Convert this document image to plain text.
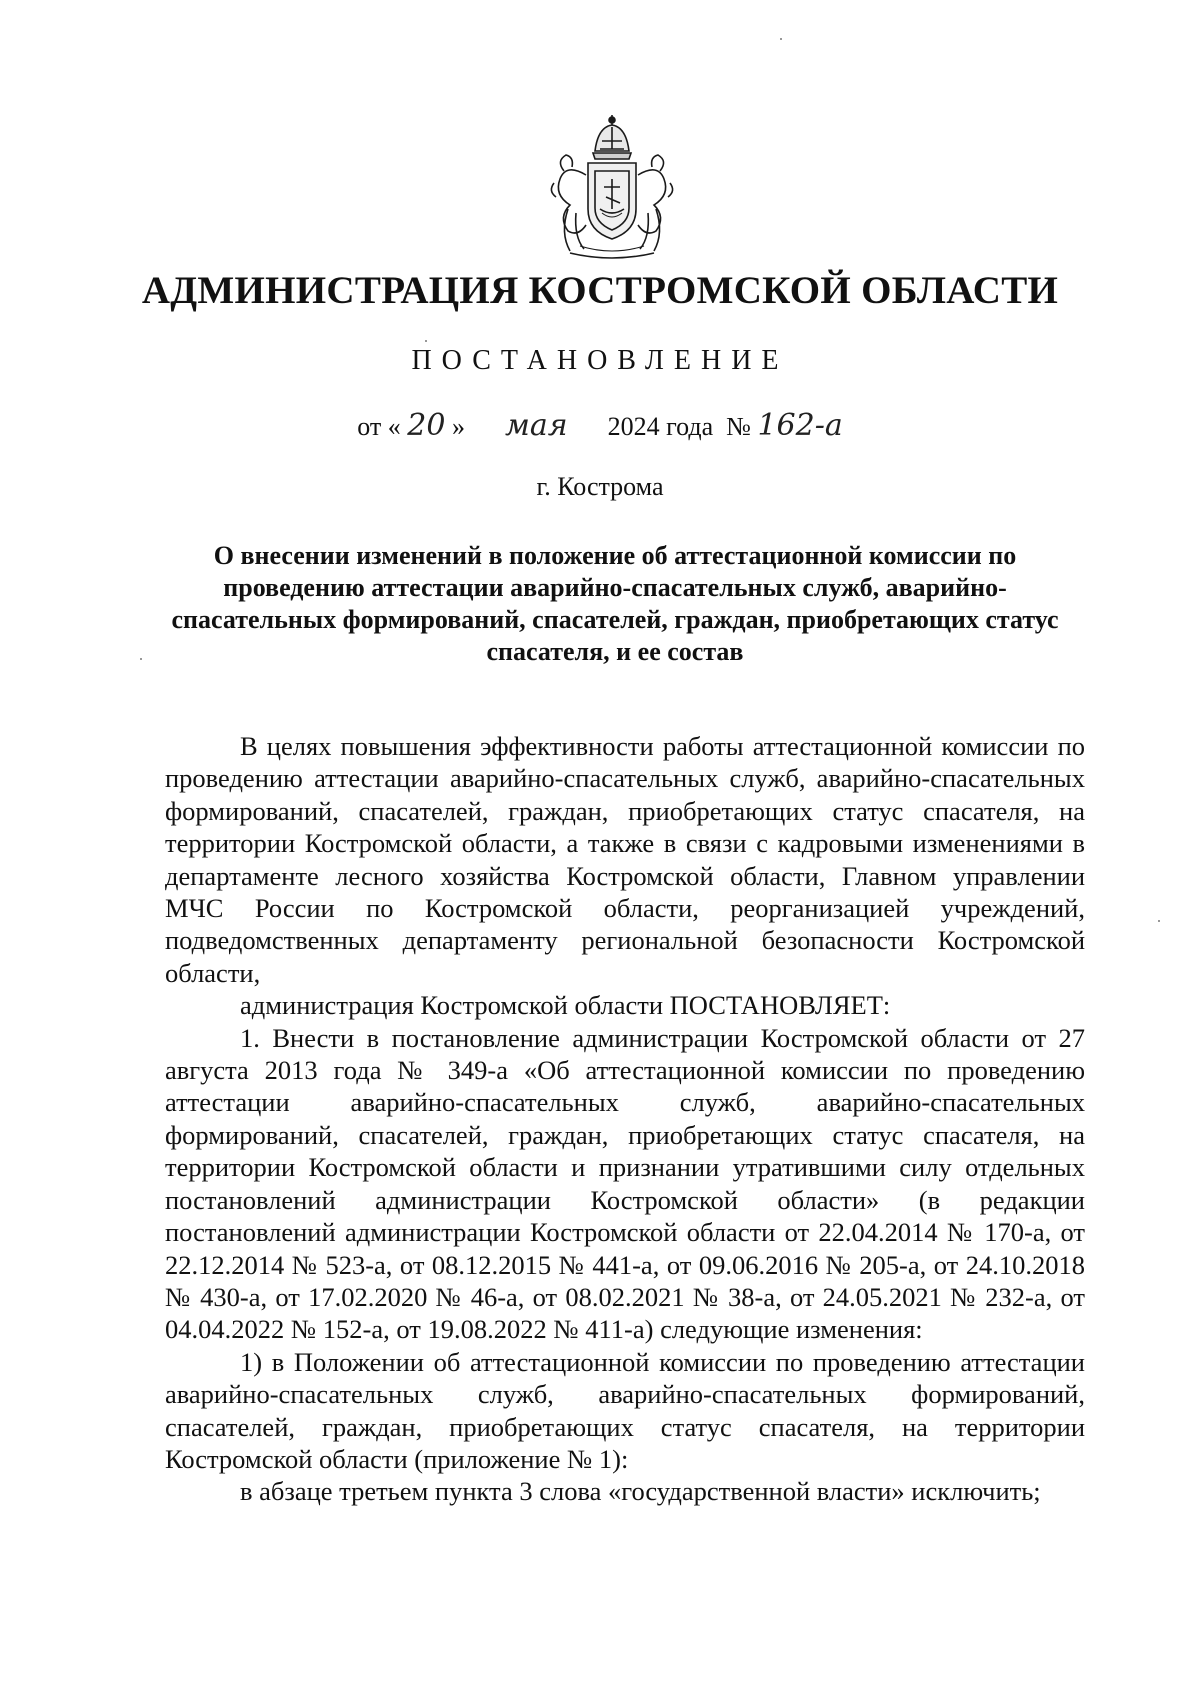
АДМИНИСТРАЦИЯ КОСТРОМСКОЙ ОБЛАСТИ
ПОСТАНОВЛЕНИЕ
от « 20 » мая 2024 года № 162-а
г. Кострома
О внесении изменений в положение об аттестационной комиссии по проведению аттестации аварийно-спасательных служб, аварийно-спасательных формирований, спасателей, граждан, приобретающих статус спасателя, и ее состав

В целях повышения эффективности работы аттестационной комиссии по проведению аттестации аварийно-спасательных служб, аварийно-спасательных формирований, спасателей, граждан, приобретающих статус спасателя, на территории Костромской области, а также в связи с кадровыми изменениями в департаменте лесного хозяйства Костромской области, Главном управлении МЧС России по Костромской области, реорганизацией учреждений, подведомственных департаменту региональной безопасности Костромской области,

администрация Костромской области ПОСТАНОВЛЯЕТ:

1. Внести в постановление администрации Костромской области от 27 августа 2013 года № 349-а «Об аттестационной комиссии по проведению аттестации аварийно-спасательных служб, аварийно-спасательных формирований, спасателей, граждан, приобретающих статус спасателя, на территории Костромской области и признании утратившими силу отдельных постановлений администрации Костромской области» (в редакции постановлений администрации Костромской области от 22.04.2014 № 170-а, от 22.12.2014 № 523-а, от 08.12.2015 № 441-а, от 09.06.2016 № 205-а, от 24.10.2018 № 430-а, от 17.02.2020 № 46-а, от 08.02.2021 № 38-а, от 24.05.2021 № 232-а, от 04.04.2022 № 152-а, от 19.08.2022 № 411-а) следующие изменения:

1) в Положении об аттестационной комиссии по проведению аттестации аварийно-спасательных служб, аварийно-спасательных формирований, спасателей, граждан, приобретающих статус спасателя, на территории Костромской области (приложение № 1):

в абзаце третьем пункта 3 слова «государственной власти» исключить;
